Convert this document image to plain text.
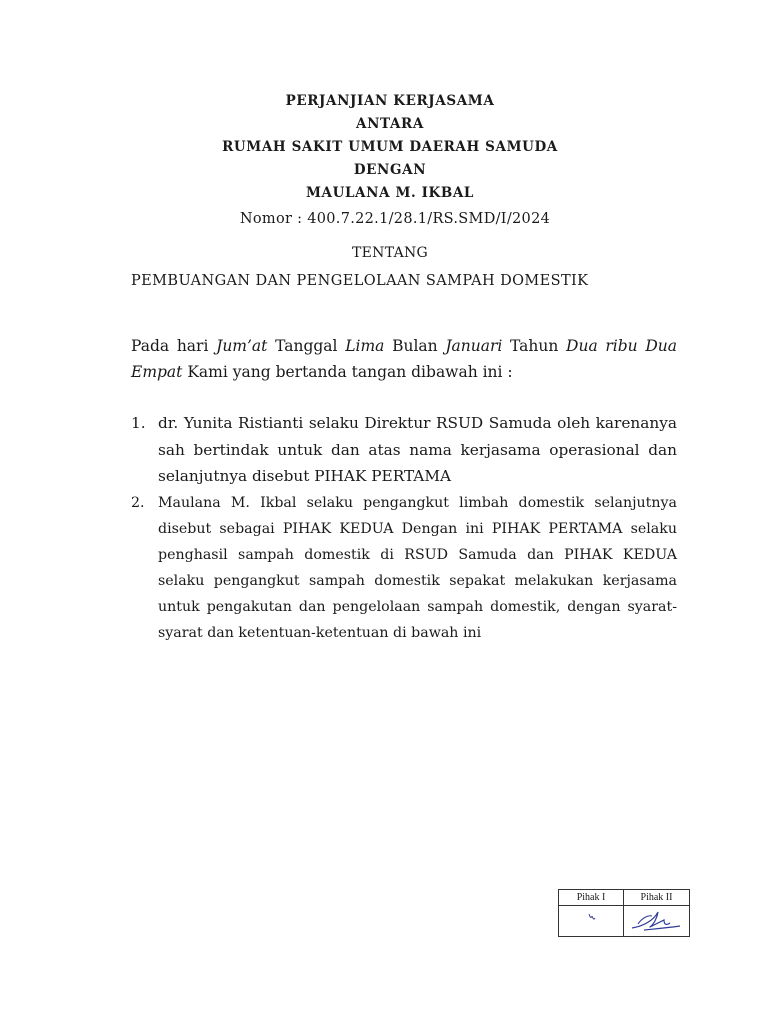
PERJANJIAN KERJASAMA
ANTARA
RUMAH SAKIT UMUM DAERAH SAMUDA
DENGAN
MAULANA M. IKBAL
Nomor : 400.7.22.1/28.1/RS.SMD/I/2024
TENTANG
PEMBUANGAN DAN PENGELOLAAN SAMPAH DOMESTIK
Pada hari Jum’at Tanggal Lima Bulan Januari Tahun Dua ribu Dua Empat Kami yang bertanda tangan dibawah ini :
1. dr. Yunita Ristianti selaku Direktur RSUD Samuda oleh karenanya sah bertindak untuk dan atas nama kerjasama operasional dan selanjutnya disebut PIHAK PERTAMA
2. Maulana M. Ikbal selaku pengangkut limbah domestik selanjutnya disebut sebagai PIHAK KEDUA Dengan ini PIHAK PERTAMA selaku penghasil sampah domestik di RSUD Samuda dan PIHAK KEDUA selaku pengangkut sampah domestik sepakat melakukan kerjasama untuk pengakutan dan pengelolaan sampah domestik, dengan syarat-syarat dan ketentuan-ketentuan di bawah ini
Pihak I	Pihak II
